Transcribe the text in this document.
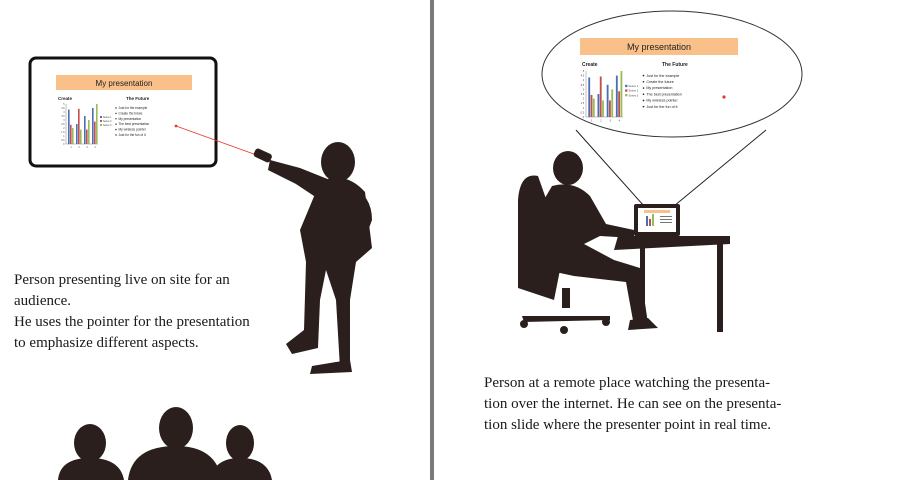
My presentation
Create	The Future
5
4.5
4
3.5
3
2.5
2
1.5
1
0.5
0
1	2	3	4
Series 1
Series 2
Series 3
Just for the example
Create the future
My presentation
The best presentation
My wireless pointer
Just for the fun of it

Person presenting live on site for an
audience.
He uses the pointer for the presentation
to emphasize different aspects.

My presentation
Create	The Future
5
4.5
4
3.5
3
2.5
2
1.5
1
0.5
0
1	2	3	4
Series 1
Series 2
Series 3
Just for the example
Create the future
My presentation
The best presentation
My wireless pointer
Just for the fun of it

Person at a remote place watching the presenta-
tion over the internet. He can see on the presenta-
tion slide where the presenter point in real time.
